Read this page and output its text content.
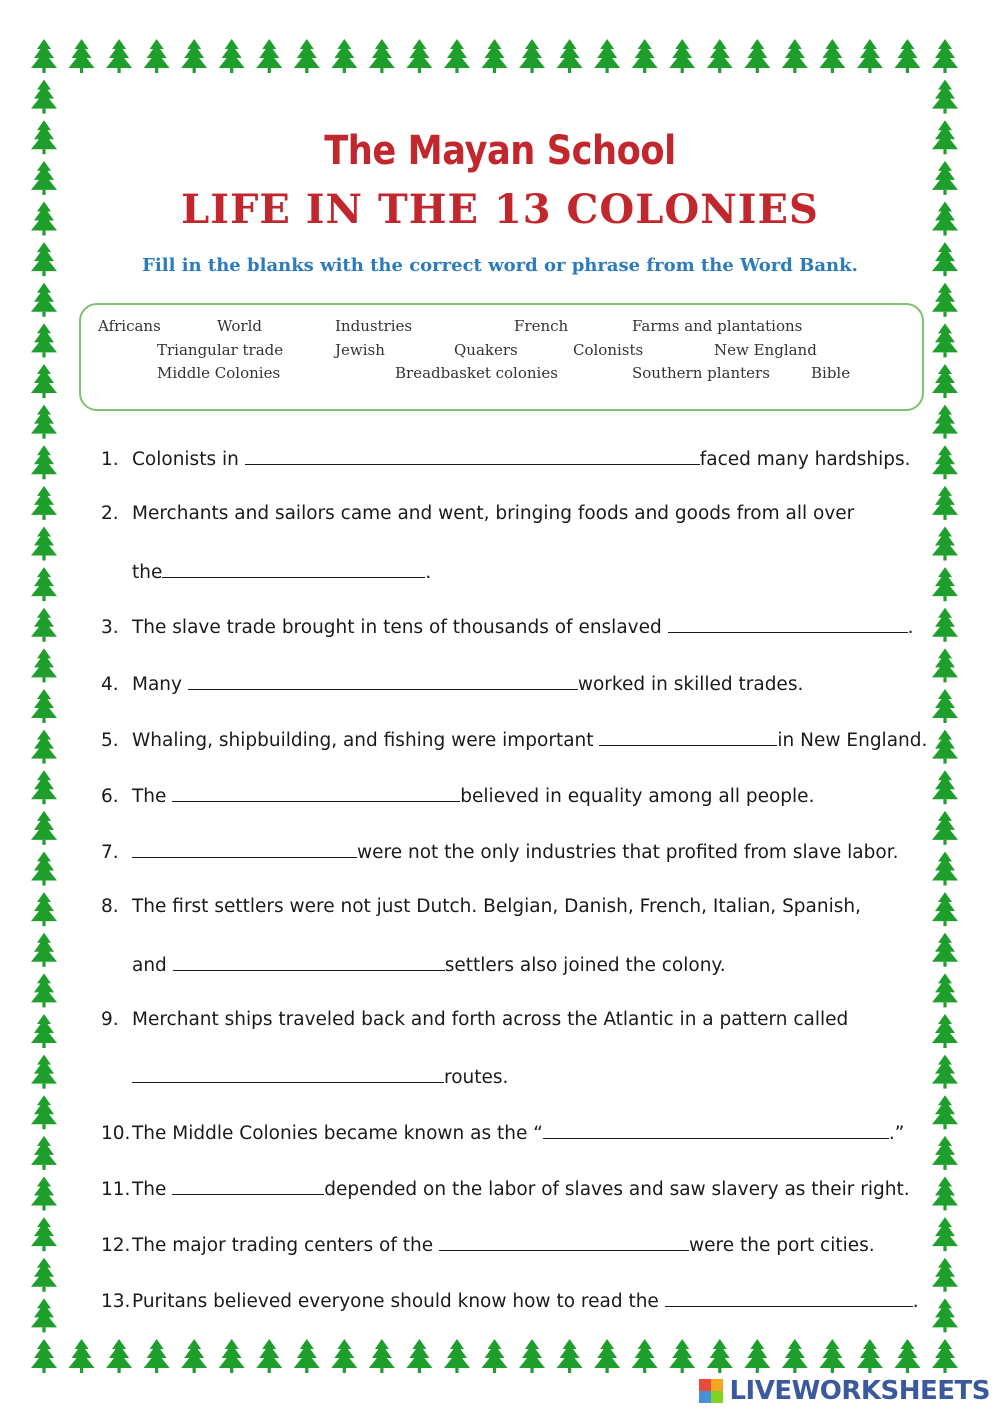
The Mayan School
LIFE IN THE 13 COLONIES
Fill in the blanks with the correct word or phrase from the Word Bank.
Africans	World	Industries	French	Farms and plantations
Triangular trade	Jewish	Quakers	Colonists	New England
Middle Colonies	Breadbasket colonies	Southern planters	Bible
1. Colonists in	faced many hardships.
2. Merchants and sailors came and went, bringing foods and goods from all over
the	.
3. The slave trade brought in tens of thousands of enslaved	.
4. Many	worked in skilled trades.
5. Whaling, shipbuilding, and fishing were important	in New England.
6. The	believed in equality among all people.
7.	were not the only industries that profited from slave labor.
8. The first settlers were not just Dutch. Belgian, Danish, French, Italian, Spanish,
and	settlers also joined the colony.
9. Merchant ships traveled back and forth across the Atlantic in a pattern called
routes.
10.The Middle Colonies became known as the “	.”
11.The	depended on the labor of slaves and saw slavery as their right.
12.The major trading centers of the	were the port cities.
13.Puritans believed everyone should know how to read the	.
LIVEWORKSHEETS
